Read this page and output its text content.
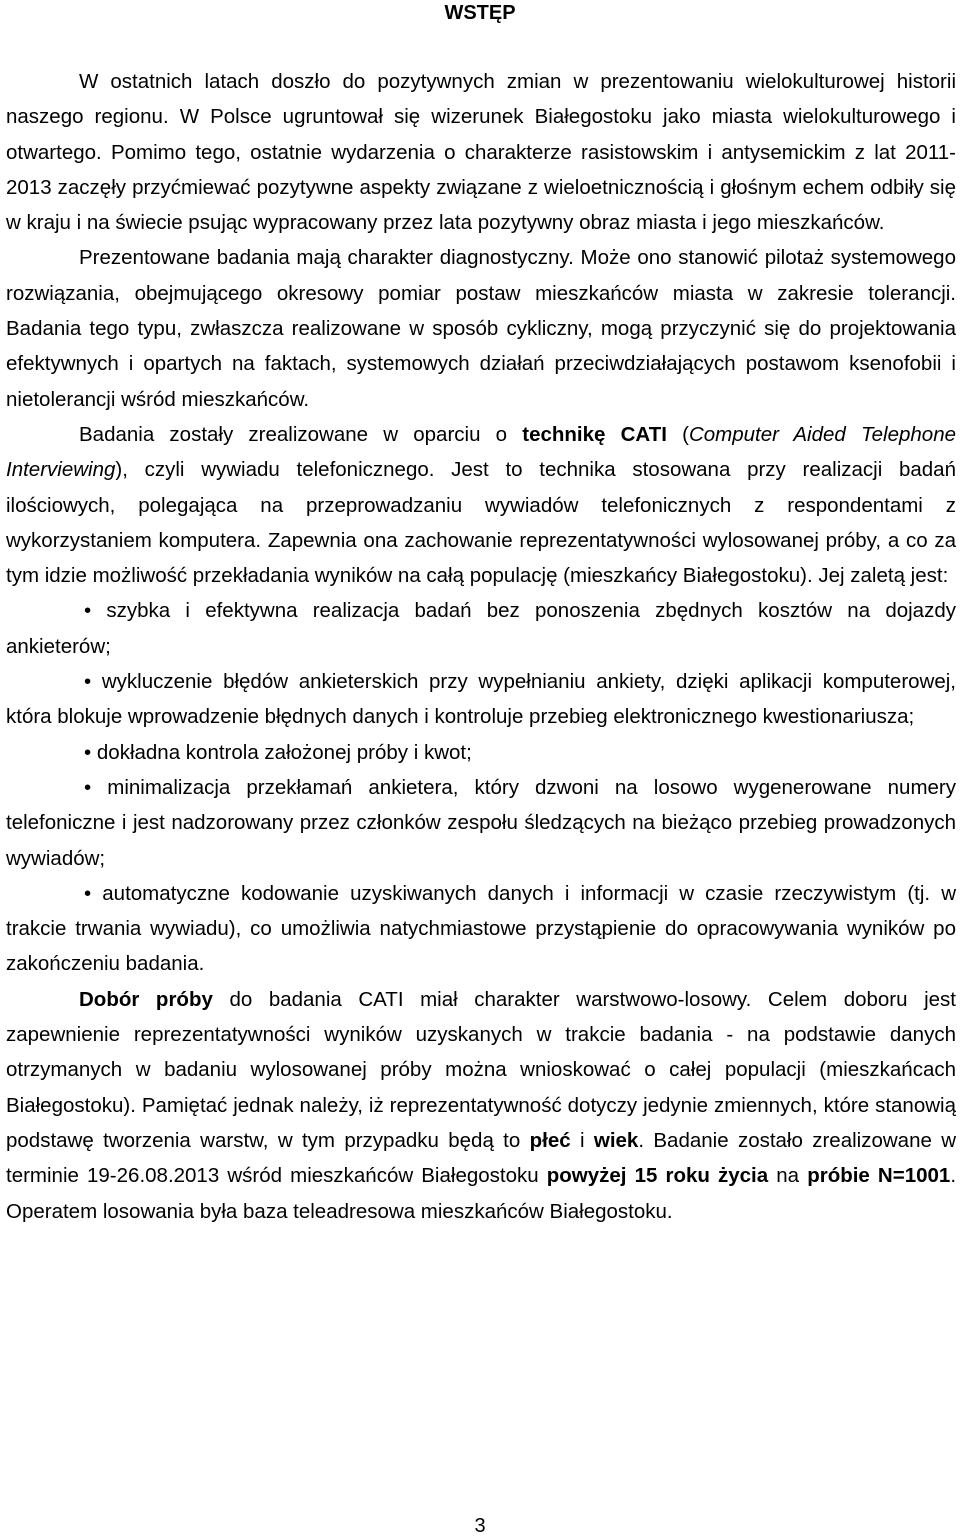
WSTĘP

W ostatnich latach doszło do pozytywnych zmian w prezentowaniu wielokulturowej historii naszego regionu. W Polsce ugruntował się wizerunek Białegostoku jako miasta wielokulturowego i otwartego. Pomimo tego, ostatnie wydarzenia o charakterze rasistowskim i antysemickim z lat 2011-2013 zaczęły przyćmiewać pozytywne aspekty związane z wieloetnicznością i głośnym echem odbiły się w kraju i na świecie psując wypracowany przez lata pozytywny obraz miasta i jego mieszkańców.

Prezentowane badania mają charakter diagnostyczny. Może ono stanowić pilotaż systemowego rozwiązania, obejmującego okresowy pomiar postaw mieszkańców miasta w zakresie tolerancji. Badania tego typu, zwłaszcza realizowane w sposób cykliczny, mogą przyczynić się do projektowania efektywnych i opartych na faktach, systemowych działań przeciwdziałających postawom ksenofobii i nietolerancji wśród mieszkańców.

Badania zostały zrealizowane w oparciu o technikę CATI (Computer Aided Telephone Interviewing), czyli wywiadu telefonicznego. Jest to technika stosowana przy realizacji badań ilościowych, polegająca na przeprowadzaniu wywiadów telefonicznych z respondentami z wykorzystaniem komputera. Zapewnia ona zachowanie reprezentatywności wylosowanej próby, a co za tym idzie możliwość przekładania wyników na całą populację (mieszkańcy Białegostoku). Jej zaletą jest:

• szybka i efektywna realizacja badań bez ponoszenia zbędnych kosztów na dojazdy ankieterów;

• wykluczenie błędów ankieterskich przy wypełnianiu ankiety, dzięki aplikacji komputerowej, która blokuje wprowadzenie błędnych danych i kontroluje przebieg elektronicznego kwestionariusza;

• dokładna kontrola założonej próby i kwot;

• minimalizacja przekłamań ankietera, który dzwoni na losowo wygenerowane numery telefoniczne i jest nadzorowany przez członków zespołu śledzących na bieżąco przebieg prowadzonych wywiadów;

• automatyczne kodowanie uzyskiwanych danych i informacji w czasie rzeczywistym (tj. w trakcie trwania wywiadu), co umożliwia natychmiastowe przystąpienie do opracowywania wyników po zakończeniu badania.

Dobór próby do badania CATI miał charakter warstwowo-losowy. Celem doboru jest zapewnienie reprezentatywności wyników uzyskanych w trakcie badania - na podstawie danych otrzymanych w badaniu wylosowanej próby można wnioskować o całej populacji (mieszkańcach Białegostoku). Pamiętać jednak należy, iż reprezentatywność dotyczy jedynie zmiennych, które stanowią podstawę tworzenia warstw, w tym przypadku będą to płeć i wiek. Badanie zostało zrealizowane w terminie 19-26.08.2013 wśród mieszkańców Białegostoku powyżej 15 roku życia na próbie N=1001. Operatem losowania była baza teleadresowa mieszkańców Białegostoku.

3
